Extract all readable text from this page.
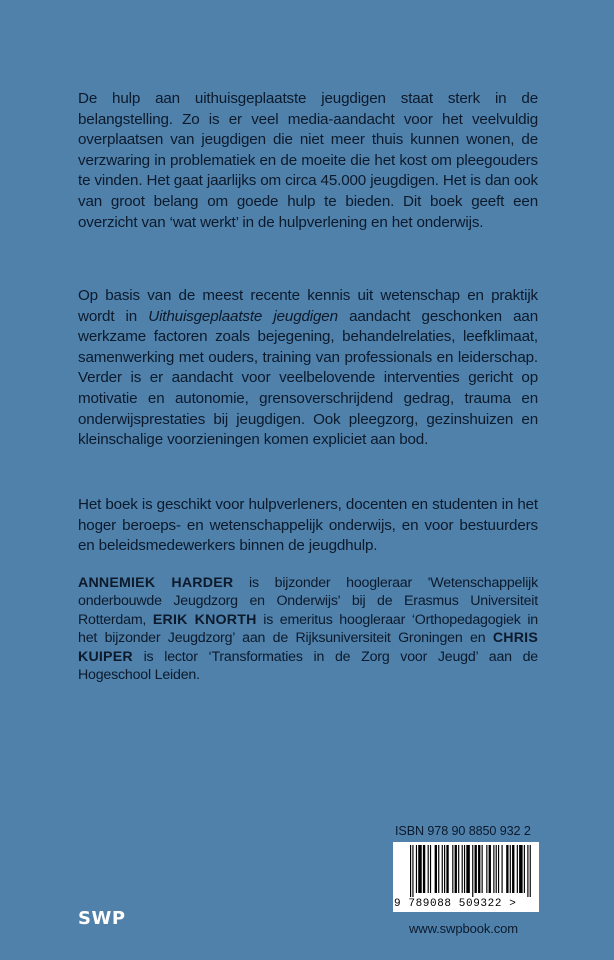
De hulp aan uithuisgeplaatste jeugdigen staat sterk in de belangstelling. Zo is er veel media-aandacht voor het veelvuldig overplaatsen van jeugdigen die niet meer thuis kunnen wonen, de verzwaring in problematiek en de moeite die het kost om pleegouders te vinden. Het gaat jaarlijks om circa 45.000 jeugdigen. Het is dan ook van groot belang om goede hulp te bieden. Dit boek geeft een overzicht van ‘wat werkt’ in de hulpverlening en het onderwijs.

Op basis van de meest recente kennis uit wetenschap en praktijk wordt in Uithuisgeplaatste jeugdigen aandacht geschonken aan werkzame factoren zoals bejegening, behandelrelaties, leefklimaat, samenwerking met ouders, training van professionals en leiderschap. Verder is er aandacht voor veelbelovende interventies gericht op motivatie en autonomie, grensoverschrijdend gedrag, trauma en onderwijsprestaties bij jeugdigen. Ook pleegzorg, gezinshuizen en kleinschalige voorzieningen komen expliciet aan bod.

Het boek is geschikt voor hulpverleners, docenten en studenten in het hoger beroeps- en wetenschappelijk onderwijs, en voor bestuurders en beleidsmedewerkers binnen de jeugdhulp.

ANNEMIEK HARDER is bijzonder hoogleraar 'Wetenschappelijk onderbouwde Jeugdzorg en Onderwijs' bij de Erasmus Universiteit Rotterdam, ERIK KNORTH is emeritus hoogleraar ‘Orthopedagogiek in het bijzonder Jeugdzorg’ aan de Rijksuniversiteit Groningen en CHRIS KUIPER is lector ‘Transformaties in de Zorg voor Jeugd’ aan de Hogeschool Leiden.

ISBN 978 90 8850 932 2
9 789088 509322 >
SWP	www.swpbook.com
